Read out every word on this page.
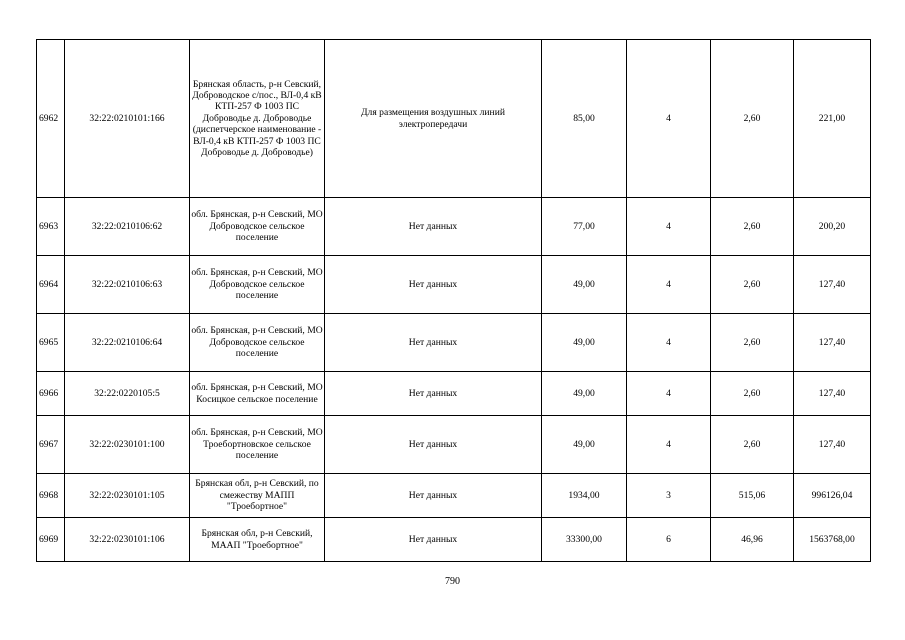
6962	32:22:0210101:166	Брянская область, р-н Севский, Доброводское с/пос., ВЛ-0,4 кВ КТП-257 Ф 1003 ПС Доброводье д. Доброводье (диспетчерское наименование - ВЛ-0,4 кВ КТП-257 Ф 1003 ПС Доброводье д. Доброводье)	Для размещения воздушных линий электропередачи	85,00	4	2,60	221,00
6963	32:22:0210106:62	обл. Брянская, р-н Севский, МО Доброводское сельское поселение	Нет данных	77,00	4	2,60	200,20
6964	32:22:0210106:63	обл. Брянская, р-н Севский, МО Доброводское сельское поселение	Нет данных	49,00	4	2,60	127,40
6965	32:22:0210106:64	обл. Брянская, р-н Севский, МО Доброводское сельское поселение	Нет данных	49,00	4	2,60	127,40
6966	32:22:0220105:5	обл. Брянская, р-н Севский, МО Косицкое сельское поселение	Нет данных	49,00	4	2,60	127,40
6967	32:22:0230101:100	обл. Брянская, р-н Севский, МО Троебортновское сельское поселение	Нет данных	49,00	4	2,60	127,40
6968	32:22:0230101:105	Брянская обл, р-н Севский, по смежеству МАПП "Троебортное"	Нет данных	1934,00	3	515,06	996126,04
6969	32:22:0230101:106	Брянская обл, р-н Севский, МААП "Троебортное"	Нет данных	33300,00	6	46,96	1563768,00
790
